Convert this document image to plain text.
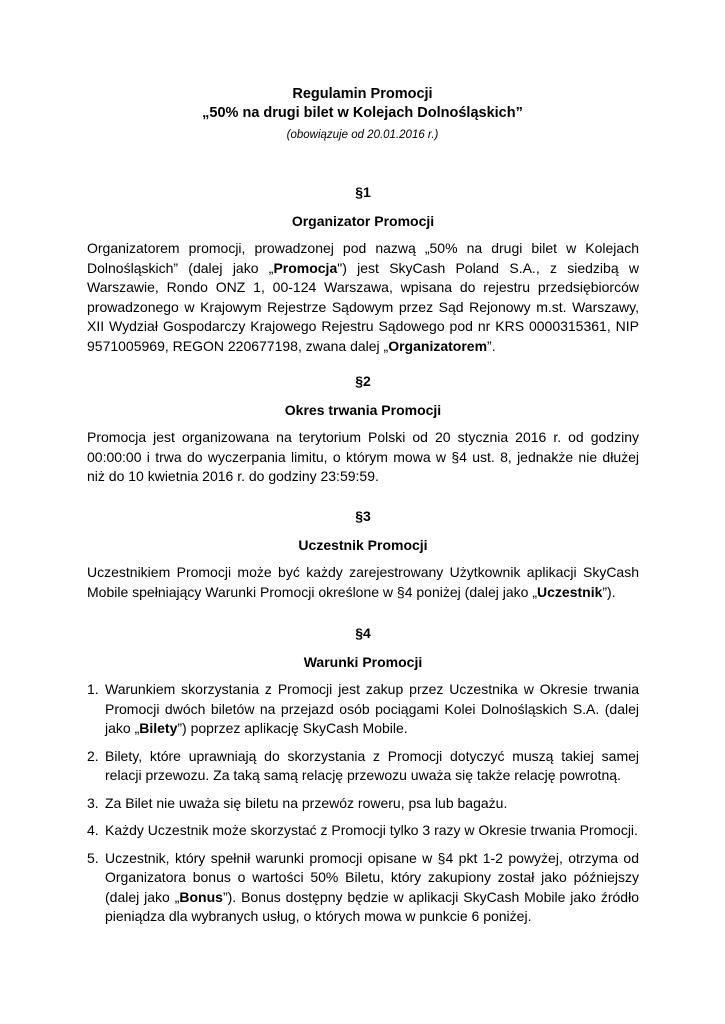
Regulamin Promocji
„50% na drugi bilet w Kolejach Dolnośląskich”
(obowiązuje od 20.01.2016 r.)
§1
Organizator Promocji
Organizatorem promocji, prowadzonej pod nazwą „50% na drugi bilet w Kolejach Dolnośląskich” (dalej jako „Promocja") jest SkyCash Poland S.A., z siedzibą w Warszawie, Rondo ONZ 1, 00-124 Warszawa, wpisana do rejestru przedsiębiorców prowadzonego w Krajowym Rejestrze Sądowym przez Sąd Rejonowy m.st. Warszawy, XII Wydział Gospodarczy Krajowego Rejestru Sądowego pod nr KRS 0000315361, NIP 9571005969, REGON 220677198, zwana dalej „Organizatorem”.
§2
Okres trwania Promocji
Promocja jest organizowana na terytorium Polski od 20 stycznia 2016 r. od godziny 00:00:00 i trwa do wyczerpania limitu, o którym mowa w §4 ust. 8, jednakże nie dłużej niż do 10 kwietnia 2016 r. do godziny 23:59:59.
§3
Uczestnik Promocji
Uczestnikiem Promocji może być każdy zarejestrowany Użytkownik aplikacji SkyCash Mobile spełniający Warunki Promocji określone w §4 poniżej (dalej jako „Uczestnik”).
§4
Warunki Promocji
1. Warunkiem skorzystania z Promocji jest zakup przez Uczestnika w Okresie trwania Promocji dwóch biletów na przejazd osób pociągami Kolei Dolnośląskich S.A. (dalej jako „Bilety”) poprzez aplikację SkyCash Mobile.
2. Bilety, które uprawniają do skorzystania z Promocji dotyczyć muszą takiej samej relacji przewozu. Za taką samą relację przewozu uważa się także relację powrotną.
3. Za Bilet nie uważa się biletu na przewóz roweru, psa lub bagażu.
4. Każdy Uczestnik może skorzystać z Promocji tylko 3 razy w Okresie trwania Promocji.
5. Uczestnik, który spełnił warunki promocji opisane w §4 pkt 1-2 powyżej, otrzyma od Organizatora bonus o wartości 50% Biletu, który zakupiony został jako późniejszy (dalej jako „Bonus”). Bonus dostępny będzie w aplikacji SkyCash Mobile jako źródło pieniądza dla wybranych usług, o których mowa w punkcie 6 poniżej.
